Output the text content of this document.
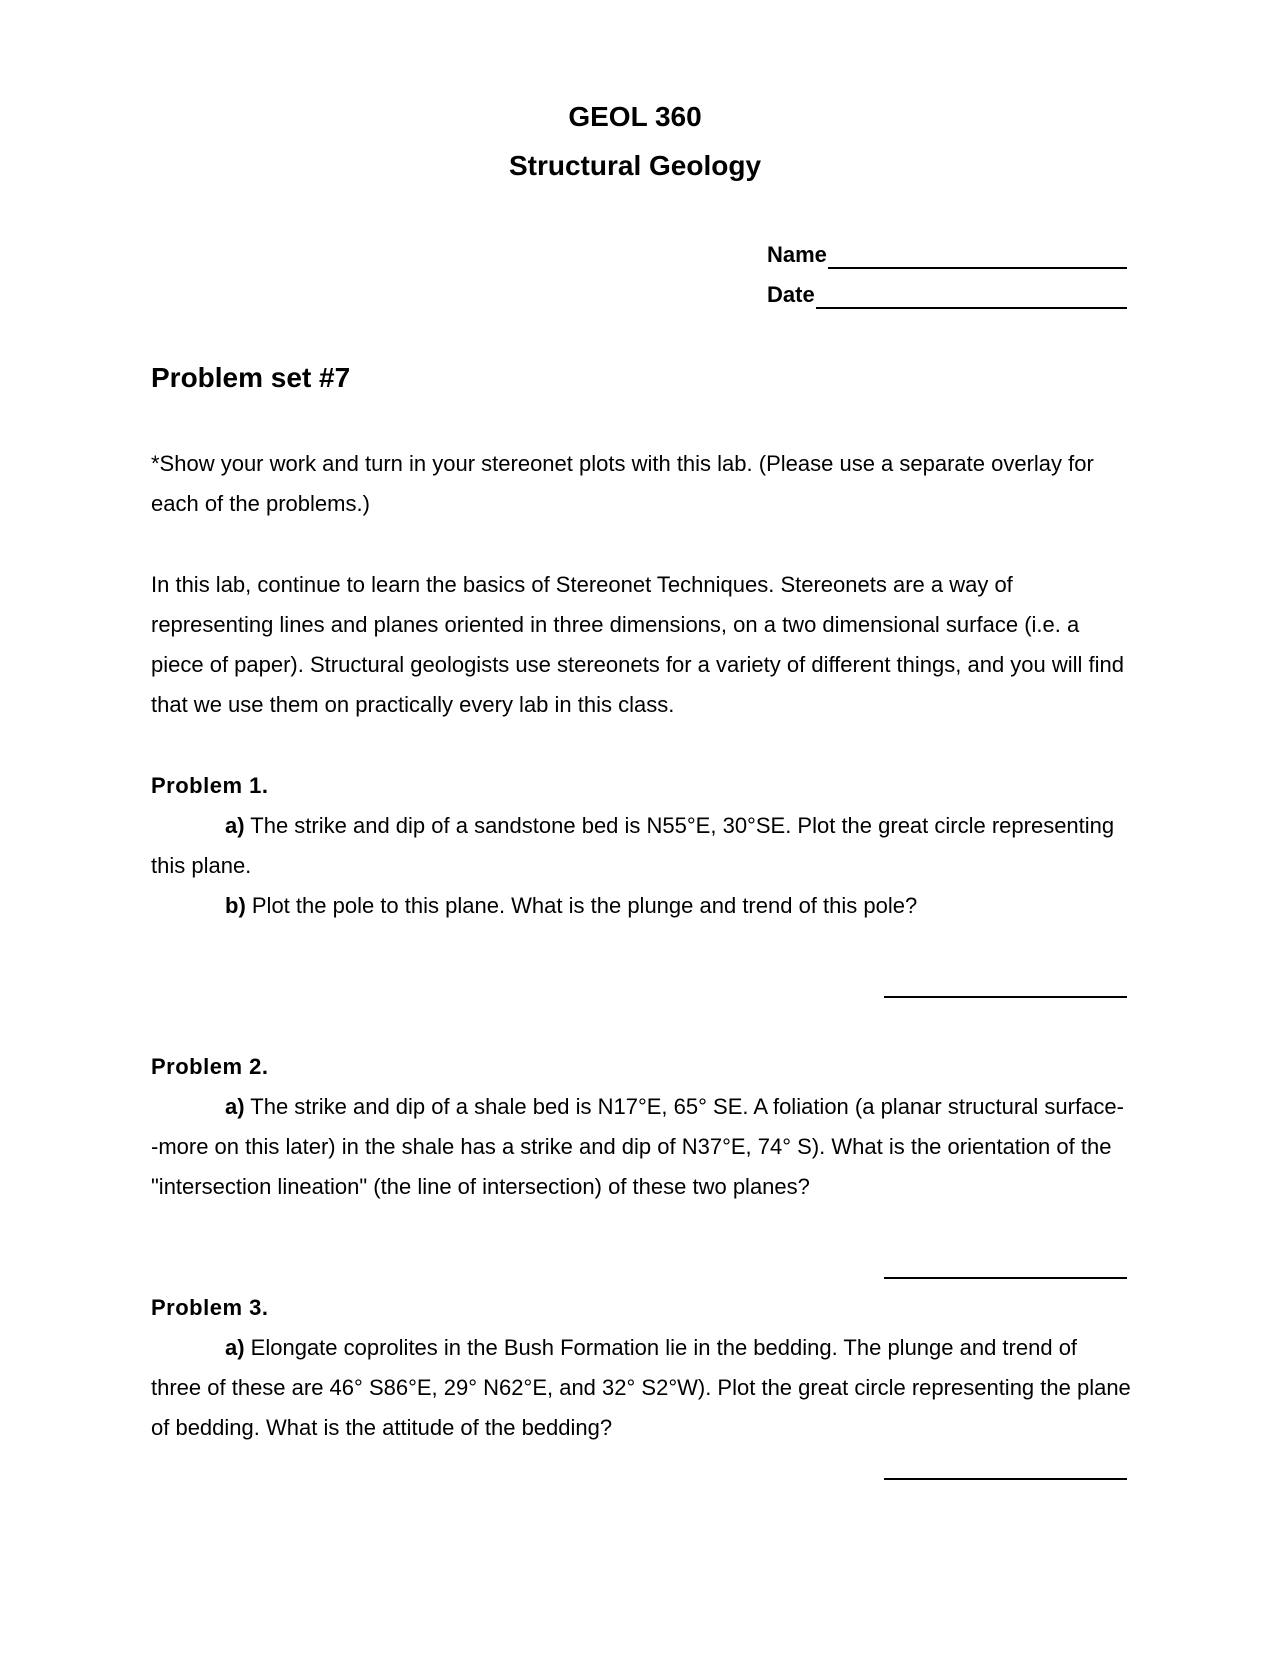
GEOL 360
Structural Geology
Name
Date
Problem set #7
*Show your work and turn in your stereonet plots with this lab. (Please use a separate overlay for each of the problems.)
In this lab, continue to learn the basics of Stereonet Techniques. Stereonets are a way of representing lines and planes oriented in three dimensions, on a two dimensional surface (i.e. a piece of paper). Structural geologists use stereonets for a variety of different things, and you will find that we use them on practically every lab in this class.
Problem 1.
a) The strike and dip of a sandstone bed is N55°E, 30°SE. Plot the great circle representing this plane.
b) Plot the pole to this plane. What is the plunge and trend of this pole?
Problem 2.
a) The strike and dip of a shale bed is N17°E, 65° SE. A foliation (a planar structural surface--more on this later) in the shale has a strike and dip of N37°E, 74° S). What is the orientation of the "intersection lineation" (the line of intersection) of these two planes?
Problem 3.
a) Elongate coprolites in the Bush Formation lie in the bedding. The plunge and trend of three of these are 46° S86°E, 29° N62°E, and 32° S2°W). Plot the great circle representing the plane of bedding. What is the attitude of the bedding?
